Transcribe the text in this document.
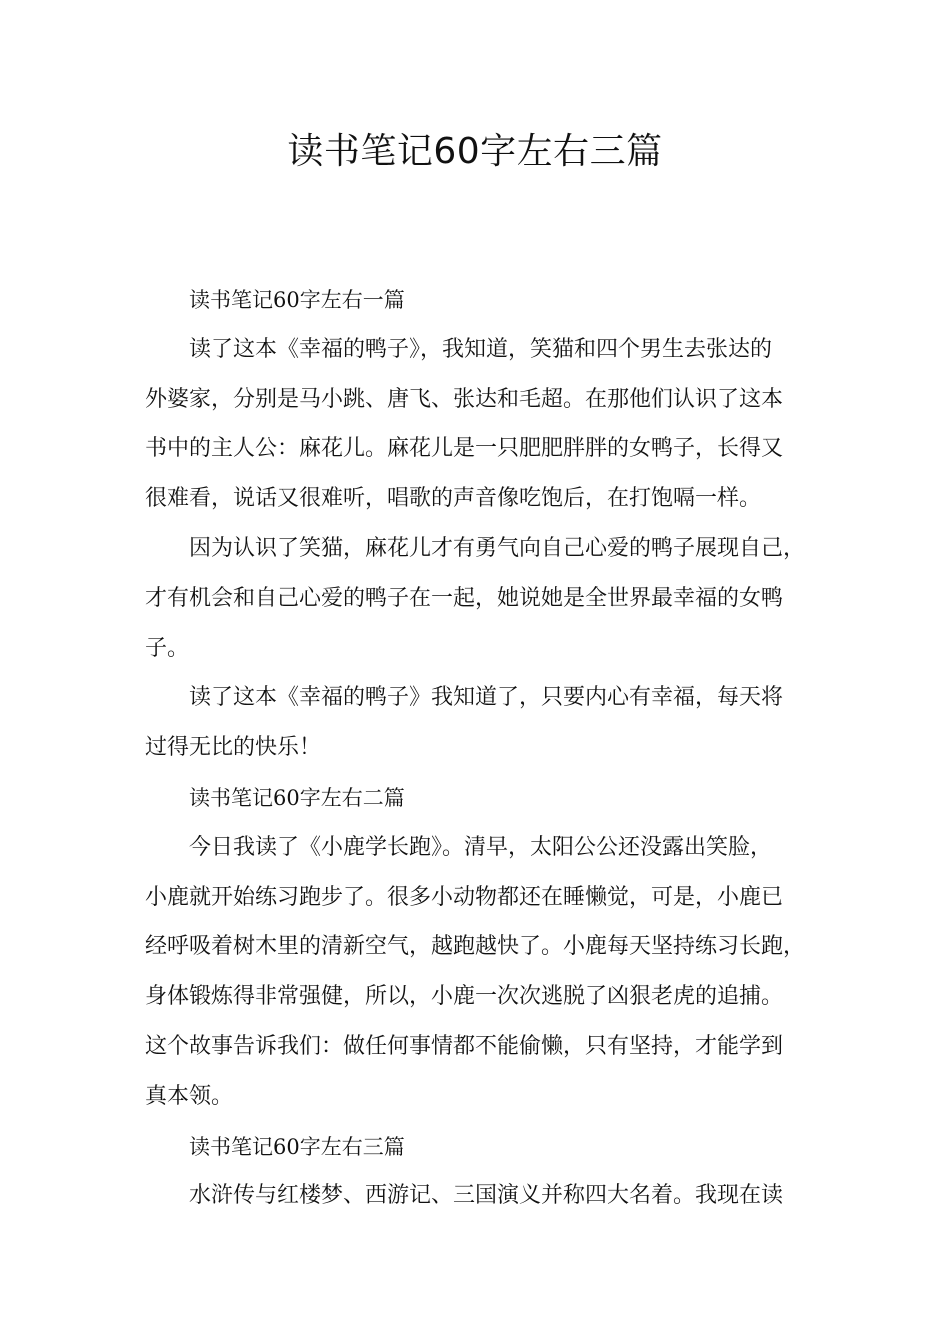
读书笔记60字左右三篇

读书笔记60字左右一篇

读了这本《幸福的鸭子》，我知道，笑猫和四个男生去张达的

外婆家，分别是马小跳、唐飞、张达和毛超。在那他们认识了这本

书中的主人公：麻花儿。麻花儿是一只肥肥胖胖的女鸭子，长得又

很难看，说话又很难听，唱歌的声音像吃饱后，在打饱嗝一样。

因为认识了笑猫，麻花儿才有勇气向自己心爱的鸭子展现自己，

才有机会和自己心爱的鸭子在一起，她说她是全世界最幸福的女鸭

子。

读了这本《幸福的鸭子》我知道了，只要内心有幸福，每天将

过得无比的快乐！

读书笔记60字左右二篇

今日我读了《小鹿学长跑》。清早，太阳公公还没露出笑脸，

小鹿就开始练习跑步了。很多小动物都还在睡懒觉，可是，小鹿已

经呼吸着树木里的清新空气，越跑越快了。小鹿每天坚持练习长跑，

身体锻炼得非常强健，所以，小鹿一次次逃脱了凶狠老虎的追捕。

这个故事告诉我们：做任何事情都不能偷懒，只有坚持，才能学到

真本领。

读书笔记60字左右三篇

水浒传与红楼梦、西游记、三国演义并称四大名着。我现在读
